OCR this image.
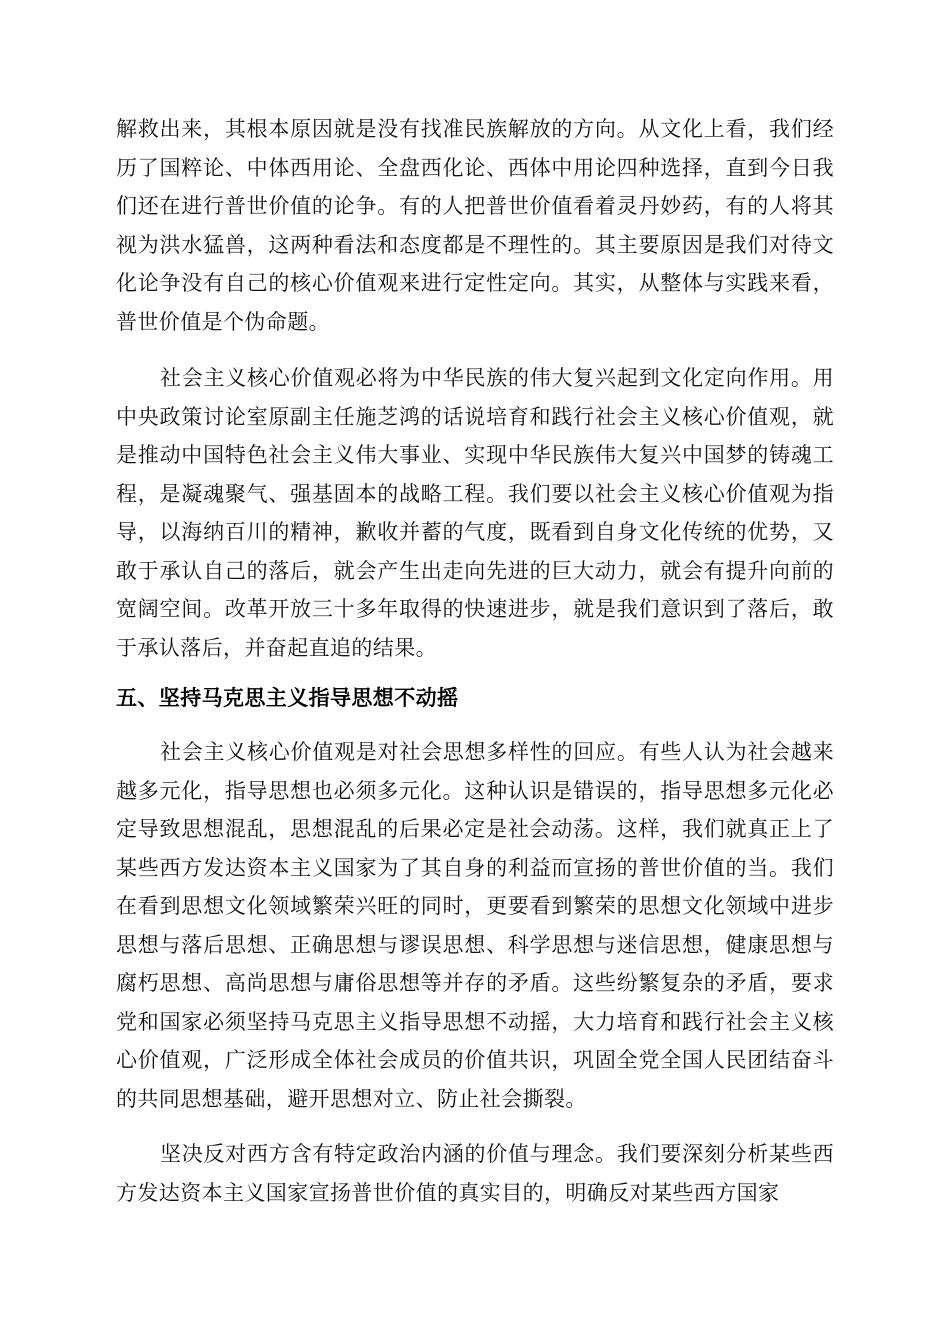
解救出来，其根本原因就是没有找准民族解放的方向。从文化上看，我们经历了国粹论、中体西用论、全盘西化论、西体中用论四种选择，直到今日我们还在进行普世价值的论争。有的人把普世价值看着灵丹妙药，有的人将其视为洪水猛兽，这两种看法和态度都是不理性的。其主要原因是我们对待文化论争没有自己的核心价值观来进行定性定向。其实，从整体与实践来看，普世价值是个伪命题。

社会主义核心价值观必将为中华民族的伟大复兴起到文化定向作用。用中央政策讨论室原副主任施芝鸿的话说培育和践行社会主义核心价值观，就是推动中国特色社会主义伟大事业、实现中华民族伟大复兴中国梦的铸魂工程，是凝魂聚气、强基固本的战略工程。我们要以社会主义核心价值观为指导，以海纳百川的精神，歉收并蓄的气度，既看到自身文化传统的优势，又敢于承认自己的落后，就会产生出走向先进的巨大动力，就会有提升向前的宽阔空间。改革开放三十多年取得的快速进步，就是我们意识到了落后，敢于承认落后，并奋起直追的结果。

五、坚持马克思主义指导思想不动摇

社会主义核心价值观是对社会思想多样性的回应。有些人认为社会越来越多元化，指导思想也必须多元化。这种认识是错误的，指导思想多元化必定导致思想混乱，思想混乱的后果必定是社会动荡。这样，我们就真正上了某些西方发达资本主义国家为了其自身的利益而宣扬的普世价值的当。我们在看到思想文化领域繁荣兴旺的同时，更要看到繁荣的思想文化领域中进步思想与落后思想、正确思想与谬误思想、科学思想与迷信思想，健康思想与腐朽思想、高尚思想与庸俗思想等并存的矛盾。这些纷繁复杂的矛盾，要求党和国家必须坚持马克思主义指导思想不动摇，大力培育和践行社会主义核心价值观，广泛形成全体社会成员的价值共识，巩固全党全国人民团结奋斗的共同思想基础，避开思想对立、防止社会撕裂。

坚决反对西方含有特定政治内涵的价值与理念。我们要深刻分析某些西方发达资本主义国家宣扬普世价值的真实目的，明确反对某些西方国家
